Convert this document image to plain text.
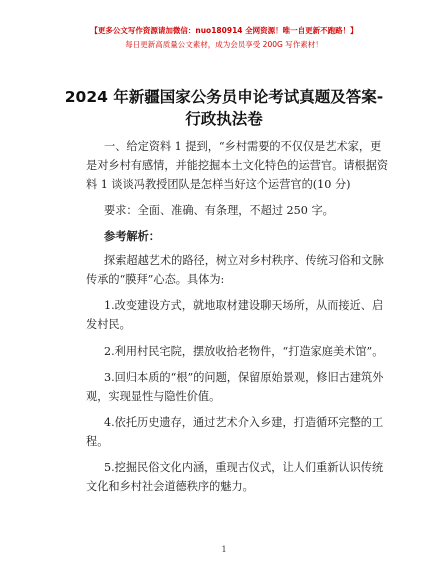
【更多公文写作资源请加微信：nuo180914 全网资源！唯一自更新不跑路！】
每日更新高质量公文素材，成为会员享受 200G 写作素材！
2024 年新疆国家公务员申论考试真题及答案-
行政执法卷
一、给定资料 1 提到，“乡村需要的不仅仅是艺术家，更
是对乡村有感情，并能挖掘本土文化特色的运营官。请根据资
料 1 谈谈冯教授团队是怎样当好这个运营官的(10 分)
要求：全面、准确、有条理，不超过 250 字。
参考解析：
探索超越艺术的路径，树立对乡村秩序、传统习俗和文脉
传承的“膜拜”心态。具体为:
1.改变建设方式，就地取材建设聊天场所，从而接近、启
发村民。
2.利用村民宅院，摆放收拾老物件，“打造家庭美术馆”。
3.回归本质的“根”的问题，保留原始景观，修旧古建筑外
观，实现显性与隐性价值。
4.依托历史遗存，通过艺术介入乡建，打造循环完整的工
程。
5.挖掘民俗文化内涵，重现古仪式，让人们重新认识传统
文化和乡村社会道德秩序的魅力。
1
